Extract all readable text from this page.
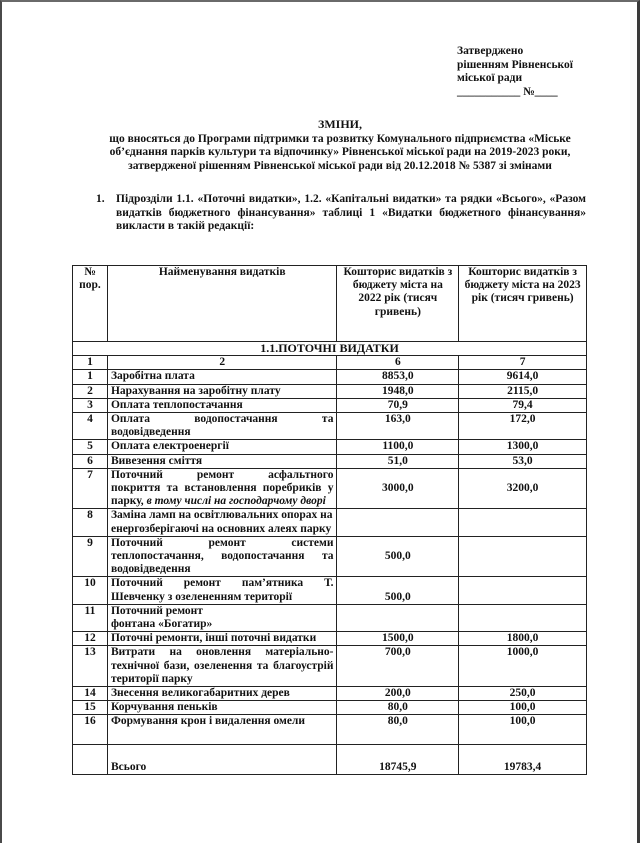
Затверджено
рішенням Рівненської
міської ради
___________ №____
ЗМІНИ,
що вносяться до Програми підтримки та розвитку Комунального підприємства «Міське
об’єднання парків культури та відпочинку» Рівненської міської ради на 2019-2023 роки,
затвердженої рішенням Рівненської міської ради від 20.12.2018 № 5387 зі змінами
1. Підрозділи 1.1. «Поточні видатки», 1.2. «Капітальні видатки» та рядки «Всього», «Разом видатків бюджетного фінансування» таблиці 1 «Видатки бюджетного фінансування» викласти в такій редакції:
№ пор.	Найменування видатків	Кошторис видатків з бюджету міста на 2022 рік (тисяч гривень)	Кошторис видатків з бюджету міста на 2023 рік (тисяч гривень)
1.1.ПОТОЧНІ ВИДАТКИ			
1	2	6	7
1	Заробітна плата	8853,0	9614,0
2	Нарахування на заробітну плату	1948,0	2115,0
3	Оплата теплопостачання	70,9	79,4
4	Оплата водопостачання та
водовідведення	163,0	172,0
5	Оплата електроенергії	1100,0	1300,0
6	Вивезення сміття	51,0	53,0
7	Поточний ремонт асфальтного
покриття та встановлення поребриків у парку, в тому числі на господарчому дворі	3000,0	3200,0
8	Заміна ламп на освітлювальних опорах на енергозберігаючі на основних алеях парку		
9	Поточний ремонт системи
теплопостачання, водопостачання та водовідведення	500,0	
10	Поточний ремонт пам’ятника Т.
Шевченку з озелененням території	500,0	
11	Поточний ремонт
фонтана «Богатир»		

12	Поточні ремонти, інші поточні видатки	1500,0	1800,0
13	Витрати на оновлення матеріально-
технічної бази, озеленення та благоустрій території парку	700,0	1000,0
14	Знесення великогабаритних дерев	200,0	250,0
15	Корчування пеньків	80,0	100,0
16	Формування крон і видалення омели	80,0	100,0
	Всього	18745,9	19783,4
